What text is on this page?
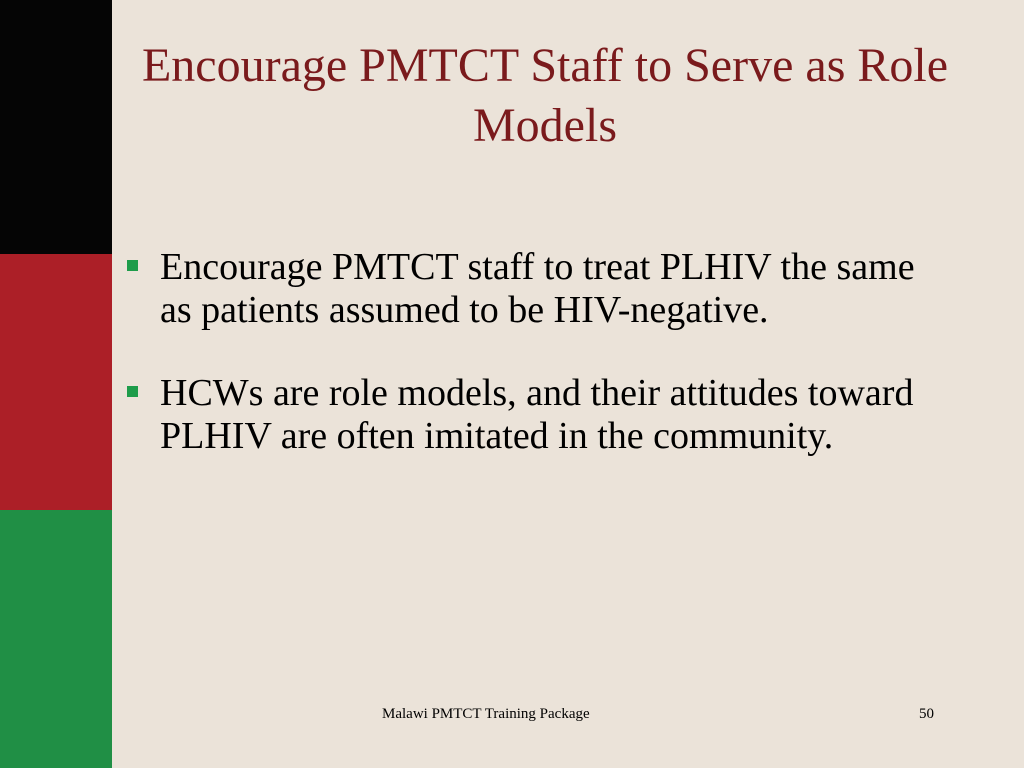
Encourage PMTCT Staff to Serve as Role Models
Encourage PMTCT staff to treat PLHIV the same as patients assumed to be HIV-negative.
HCWs are role models, and their attitudes toward PLHIV are often imitated in the community.
Malawi PMTCT Training Package	50
